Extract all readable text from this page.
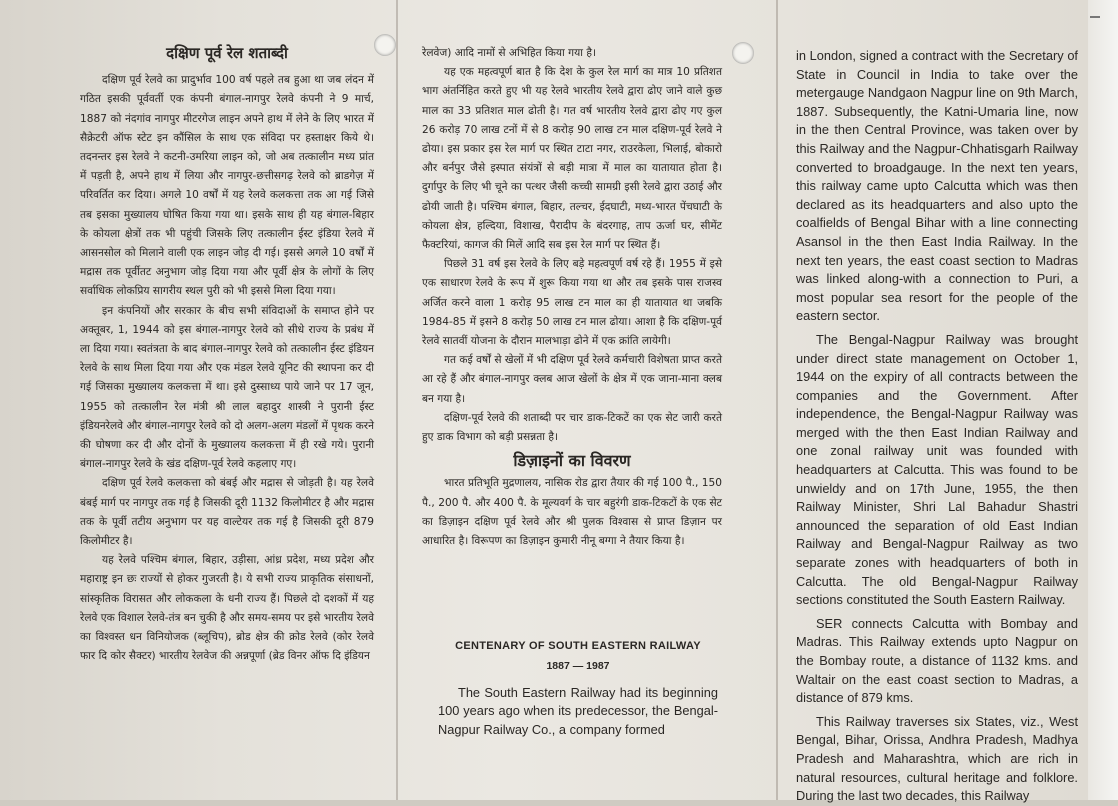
दक्षिण पूर्व रेल शताब्दी

दक्षिण पूर्व रेलवे का प्रादुर्भाव 100 वर्ष पहले तब हुआ था जब लंदन में गठित इसकी पूर्ववर्ती एक कंपनी बंगाल-नागपुर रेलवे कंपनी ने 9 मार्च, 1887 को नंदगांव नागपुर मीटरगेज लाइन अपने हाथ में लेने के लिए भारत में सैक्रेटरी ऑफ स्टेट इन कौंसिल के साथ एक संविदा पर हस्ताक्षर किये थे। तदनन्तर इस रेलवे ने कटनी-उमरिया लाइन को, जो अब तत्कालीन मध्य प्रांत में पड़ती है, अपने हाथ में लिया और नागपुर-छत्तीसगढ़ रेलवे को ब्राडगेज़ में परिवर्तित कर दिया। अगले 10 वर्षों में यह रेलवे कलकत्ता तक आ गई जिसे तब इसका मुख्यालय घोषित किया गया था। इसके साथ ही यह बंगाल-बिहार के कोयला क्षेत्रों तक भी पहुंची जिसके लिए तत्कालीन ईस्ट इंडिया रेलवे में आसनसोल को मिलाने वाली एक लाइन जोड़ दी गई। इससे अगले 10 वर्षों में मद्रास तक पूर्वीतट अनुभाग जोड़ दिया गया और पूर्वी क्षेत्र के लोगों के लिए सर्वाधिक लोकप्रिय सागरीय स्थल पुरी को भी इससे मिला दिया गया।

इन कंपनियों और सरकार के बीच सभी संविदाओं के समाप्त होने पर अक्तूबर, 1, 1944 को इस बंगाल-नागपुर रेलवे को सीधे राज्य के प्रबंध में ला दिया गया। स्वतंत्रता के बाद बंगाल-नागपुर रेलवे को तत्कालीन ईस्ट इंडियन रेलवे के साथ मिला दिया गया और एक मंडल रेलवे यूनिट की स्थापना कर दी गई जिसका मुख्यालय कलकत्ता में था। इसे दुस्साध्य पाये जाने पर 17 जून, 1955 को तत्कालीन रेल मंत्री श्री लाल बहादुर शास्त्री ने पुरानी ईस्ट इंडियनरेलवे और बंगाल-नागपुर रेलवे को दो अलग-अलग मंडलों में पृथक करने की घोषणा कर दी और दोनों के मुख्यालय कलकत्ता में ही रखे गये। पुरानी बंगाल-नागपुर रेलवे के खंड दक्षिण-पूर्व रेलवे कहलाए गए।

दक्षिण पूर्व रेलवे कलकत्ता को बंबई और मद्रास से जोड़ती है। यह रेलवे बंबई मार्ग पर नागपुर तक गई है जिसकी दूरी 1132 किलोमीटर है और मद्रास तक के पूर्वी तटीय अनुभाग पर यह वाल्टेयर तक गई है जिसकी दूरी 879 किलोमीटर है।

यह रेलवे पश्चिम बंगाल, बिहार, उड़ीसा, आंध्र प्रदेश, मध्य प्रदेश और महाराष्ट्र इन छः राज्यों से होकर गुजरती है। ये सभी राज्य प्राकृतिक संसाधनों, सांस्कृतिक विरासत और लोककला के धनी राज्य हैं। पिछले दो दशकों में यह रेलवे एक विशाल रेलवे-तंत्र बन चुकी है और समय-समय पर इसे भारतीय रेलवे का विश्वस्त धन विनियोजक (ब्लूचिप), ब्रोड क्षेत्र की क्रोड रेलवे (कोर रेलवे फार दि कोर सैक्टर) भारतीय रेलवेज की अन्नपूर्णा (ब्रेड विनर ऑफ दि इंडियन

रेलवेज) आदि नामों से अभिहित किया गया है।

यह एक महत्वपूर्ण बात है कि देश के कुल रेल मार्ग का मात्र 10 प्रतिशत भाग अंतर्निहित करते हुए भी यह रेलवे भारतीय रेलवे द्वारा ढोए जाने वाले कुछ माल का 33 प्रतिशत माल ढोती है। गत वर्ष भारतीय रेलवे द्वारा ढोए गए कुल 26 करोड़ 70 लाख टनों में से 8 करोड़ 90 लाख टन माल दक्षिण-पूर्व रेलवे ने ढोया। इस प्रकार इस रेल मार्ग पर स्थित टाटा नगर, राउरकेला, भिलाई, बोकारो और बर्नपुर जैसे इस्पात संयंत्रों से बड़ी मात्रा में माल का यातायात होता है। दुर्गापुर के लिए भी चूने का पत्थर जैसी कच्ची सामग्री इसी रेलवे द्वारा उठाई और ढोयी जाती है। पश्चिम बंगाल, बिहार, तल्चर, ईदघाटी, मध्य-भारत पेंचघाटी के कोयला क्षेत्र, हल्दिया, विशाख, पैरादीप के बंदरगाह, ताप ऊर्जा घर, सीमेंट फैक्टरियां, कागज की मिलें आदि सब इस रेल मार्ग पर स्थित हैं।

पिछले 31 वर्ष इस रेलवे के लिए बड़े महत्वपूर्ण वर्ष रहे हैं। 1955 में इसे एक साधारण रेलवे के रूप में शुरू किया गया था और तब इसके पास राजस्व अर्जित करने वाला 1 करोड़ 95 लाख टन माल का ही यातायात था जबकि 1984-85 में इसने 8 करोड़ 50 लाख टन माल ढोया। आशा है कि दक्षिण-पूर्व रेलवे सातवीं योजना के दौरान मालभाड़ा ढोने में एक क्रांति लायेगी।

गत कई वर्षों से खेलों में भी दक्षिण पूर्व रेलवे कर्मचारी विशेषता प्राप्त करते आ रहे हैं और बंगाल-नागपुर क्लब आज खेलों के क्षेत्र में एक जाना-माना क्लब बन गया है।

दक्षिण-पूर्व रेलवे की शताब्दी पर चार डाक-टिकटें का एक सेट जारी करते हुए डाक विभाग को बड़ी प्रसन्नता है।

डिज़ाइनों का विवरण

भारत प्रतिभूति मुद्रणालय, नासिक रोड द्वारा तैयार की गई 100 पै., 150 पै., 200 पै. और 400 पै. के मूल्यवर्ग के चार बहुरंगी डाक-टिकटों के एक सेट का डिज़ाइन दक्षिण पूर्व रेलवे और श्री पुलक विश्वास से प्राप्त डिज़ान पर आधारित है। विरूपण का डिज़ाइन कुमारी नीनू बग्गा ने तैयार किया है।

CENTENARY OF SOUTH EASTERN RAILWAY
1887 — 1987

The South Eastern Railway had its beginning 100 years ago when its predecessor, the Bengal-Nagpur Railway Co., a company formed

in London, signed a contract with the Secretary of State in Council in India to take over the metergauge Nandgaon Nagpur line on 9th March, 1887. Subsequently, the Katni-Umaria line, now in the then Central Province, was taken over by this Railway and the Nagpur-Chhatisgarh Railway converted to broadgauge. In the next ten years, this railway came upto Calcutta which was then declared as its headquarters and also upto the coalfields of Bengal Bihar with a line connecting Asansol in the then East India Railway. In the next ten years, the east coast section to Madras was linked along-with a connection to Puri, a most popular sea resort for the people of the eastern sector.

The Bengal-Nagpur Railway was brought under direct state management on October 1, 1944 on the expiry of all contracts between the companies and the Government. After independence, the Bengal-Nagpur Railway was merged with the then East Indian Railway and one zonal railway unit was founded with headquarters at Calcutta. This was found to be unwieldy and on 17th June, 1955, the then Railway Minister, Shri Lal Bahadur Shastri announced the separation of old East Indian Railway and Bengal-Nagpur Railway as two separate zones with headquarters of both in Calcutta. The old Bengal-Nagpur Railway sections constituted the South Eastern Railway.

SER connects Calcutta with Bombay and Madras. This Railway extends upto Nagpur on the Bombay route, a distance of 1132 kms. and Waltair on the east coast section to Madras, a distance of 879 kms.

This Railway traverses six States, viz., West Bengal, Bihar, Orissa, Andhra Pradesh, Madhya Pradesh and Maharashtra, which are rich in natural resources, cultural heritage and folklore. During the last two decades, this Railway
